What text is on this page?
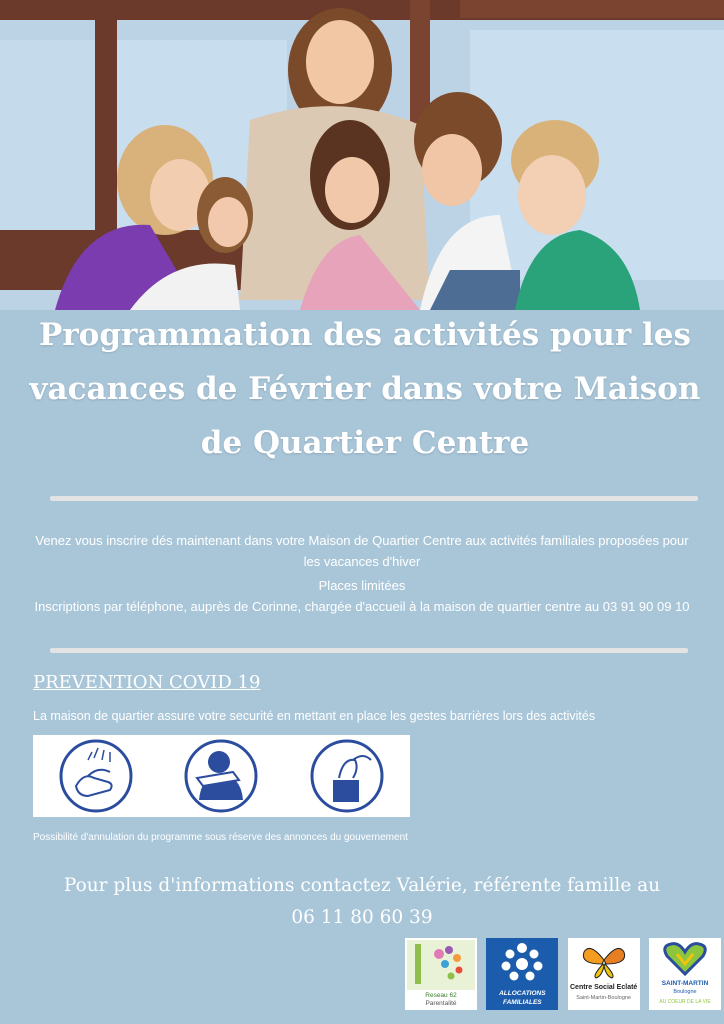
Programmation des activités pour les vacances de Février dans votre Maison de Quartier Centre

Venez vous inscrire dés maintenant dans votre Maison de Quartier Centre aux activités familiales proposées pour les vacances d'hiver

Places limitées

Inscriptions par téléphone, auprès de Corinne, chargée d'accueil à la maison de quartier centre au 03 91 90 09 10

PREVENTION COVID 19

La maison de quartier assure votre securité en mettant en place les gestes barrières lors des activités

Possibilité d'annulation du programme sous réserve des annonces du gouvernement

Pour plus d'informations contactez Valérie, référente famille au
06 11 80 60 39
Reseau 62
Parentalité
ALLOCATIONS
FAMILIALES
Centre Social Eclaté
Saint-Martin-Boulogne
SAINT-MARTIN
Boulogne
AU COEUR DE LA VIE
